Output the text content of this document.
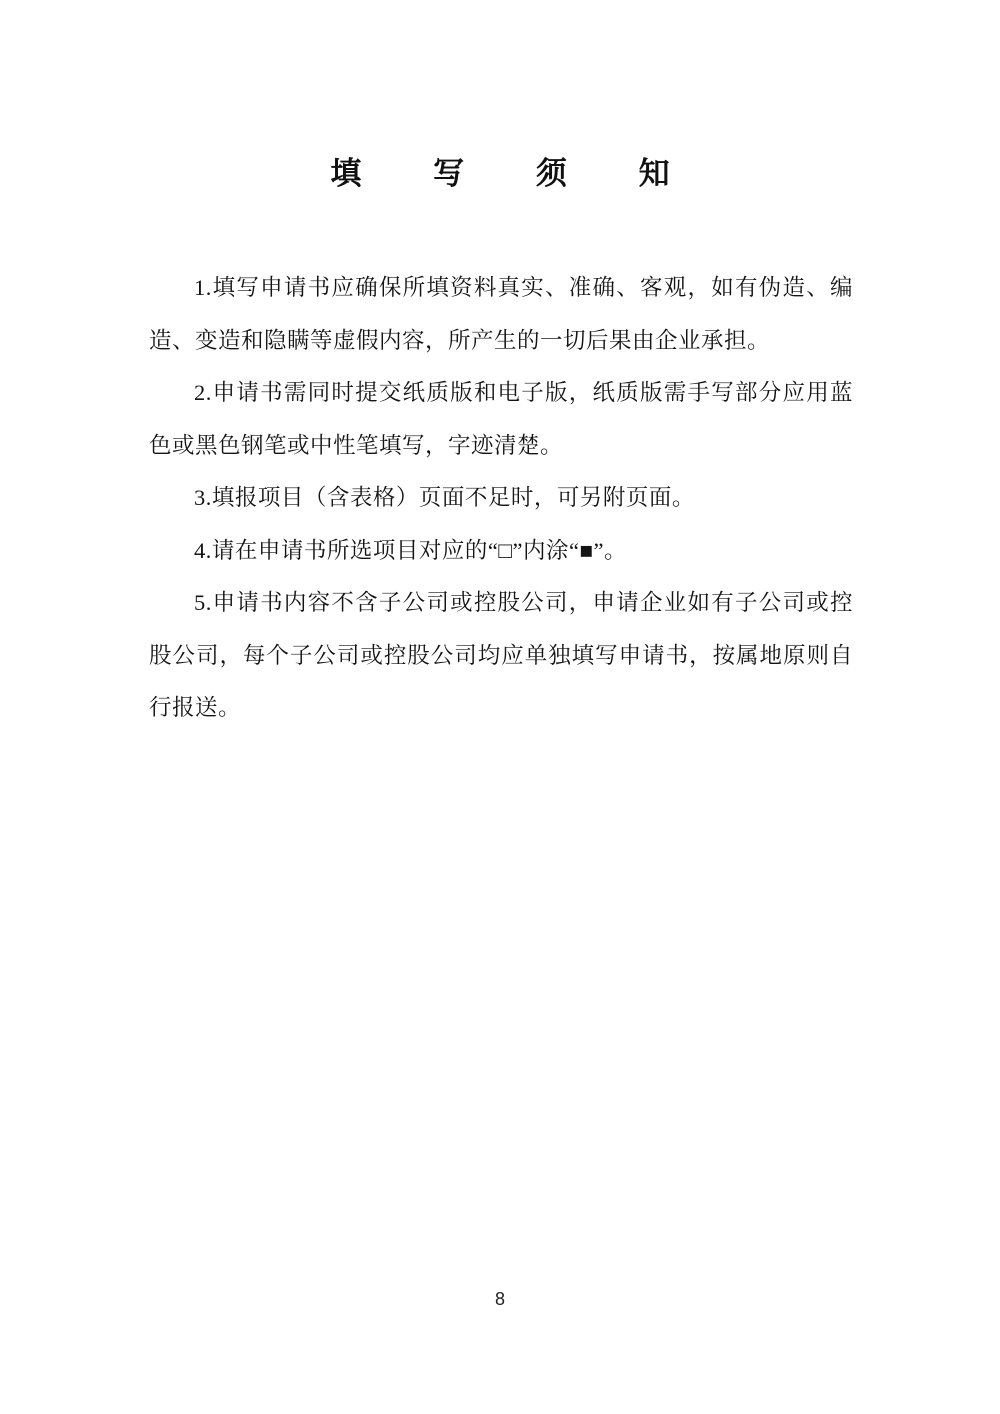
填 写 须 知

1.填写申请书应确保所填资料真实、准确、客观，如有伪造、编造、变造和隐瞒等虚假内容，所产生的一切后果由企业承担。

2.申请书需同时提交纸质版和电子版，纸质版需手写部分应用蓝色或黑色钢笔或中性笔填写，字迹清楚。

3.填报项目（含表格）页面不足时，可另附页面。

4.请在申请书所选项目对应的“□”内涂“■”。

5.申请书内容不含子公司或控股公司，申请企业如有子公司或控股公司，每个子公司或控股公司均应单独填写申请书，按属地原则自行报送。

8
